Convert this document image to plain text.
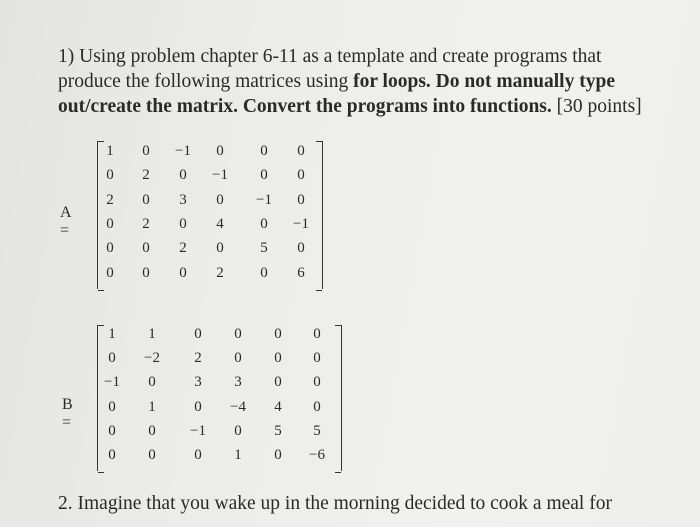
1) Using problem chapter 6-11 as a template and create programs that produce the following matrices using for loops. Do not manually type out/create the matrix. Convert the programs into functions. [30 points]

A =
1	0	−1	0	0	0
0	2	0	−1	0	0
2	0	3	0	−1	0
0	2	0	4	0	−1
0	0	2	0	5	0
0	0	0	2	0	6
B =
1	1	0	0	0	0
0	−2	2	0	0	0
−1	0	3	3	0	0
0	1	0	−4	4	0
0	0	−1	0	5	5
0	0	0	1	0	−6
2. Imagine that you wake up in the morning decided to cook a meal for
